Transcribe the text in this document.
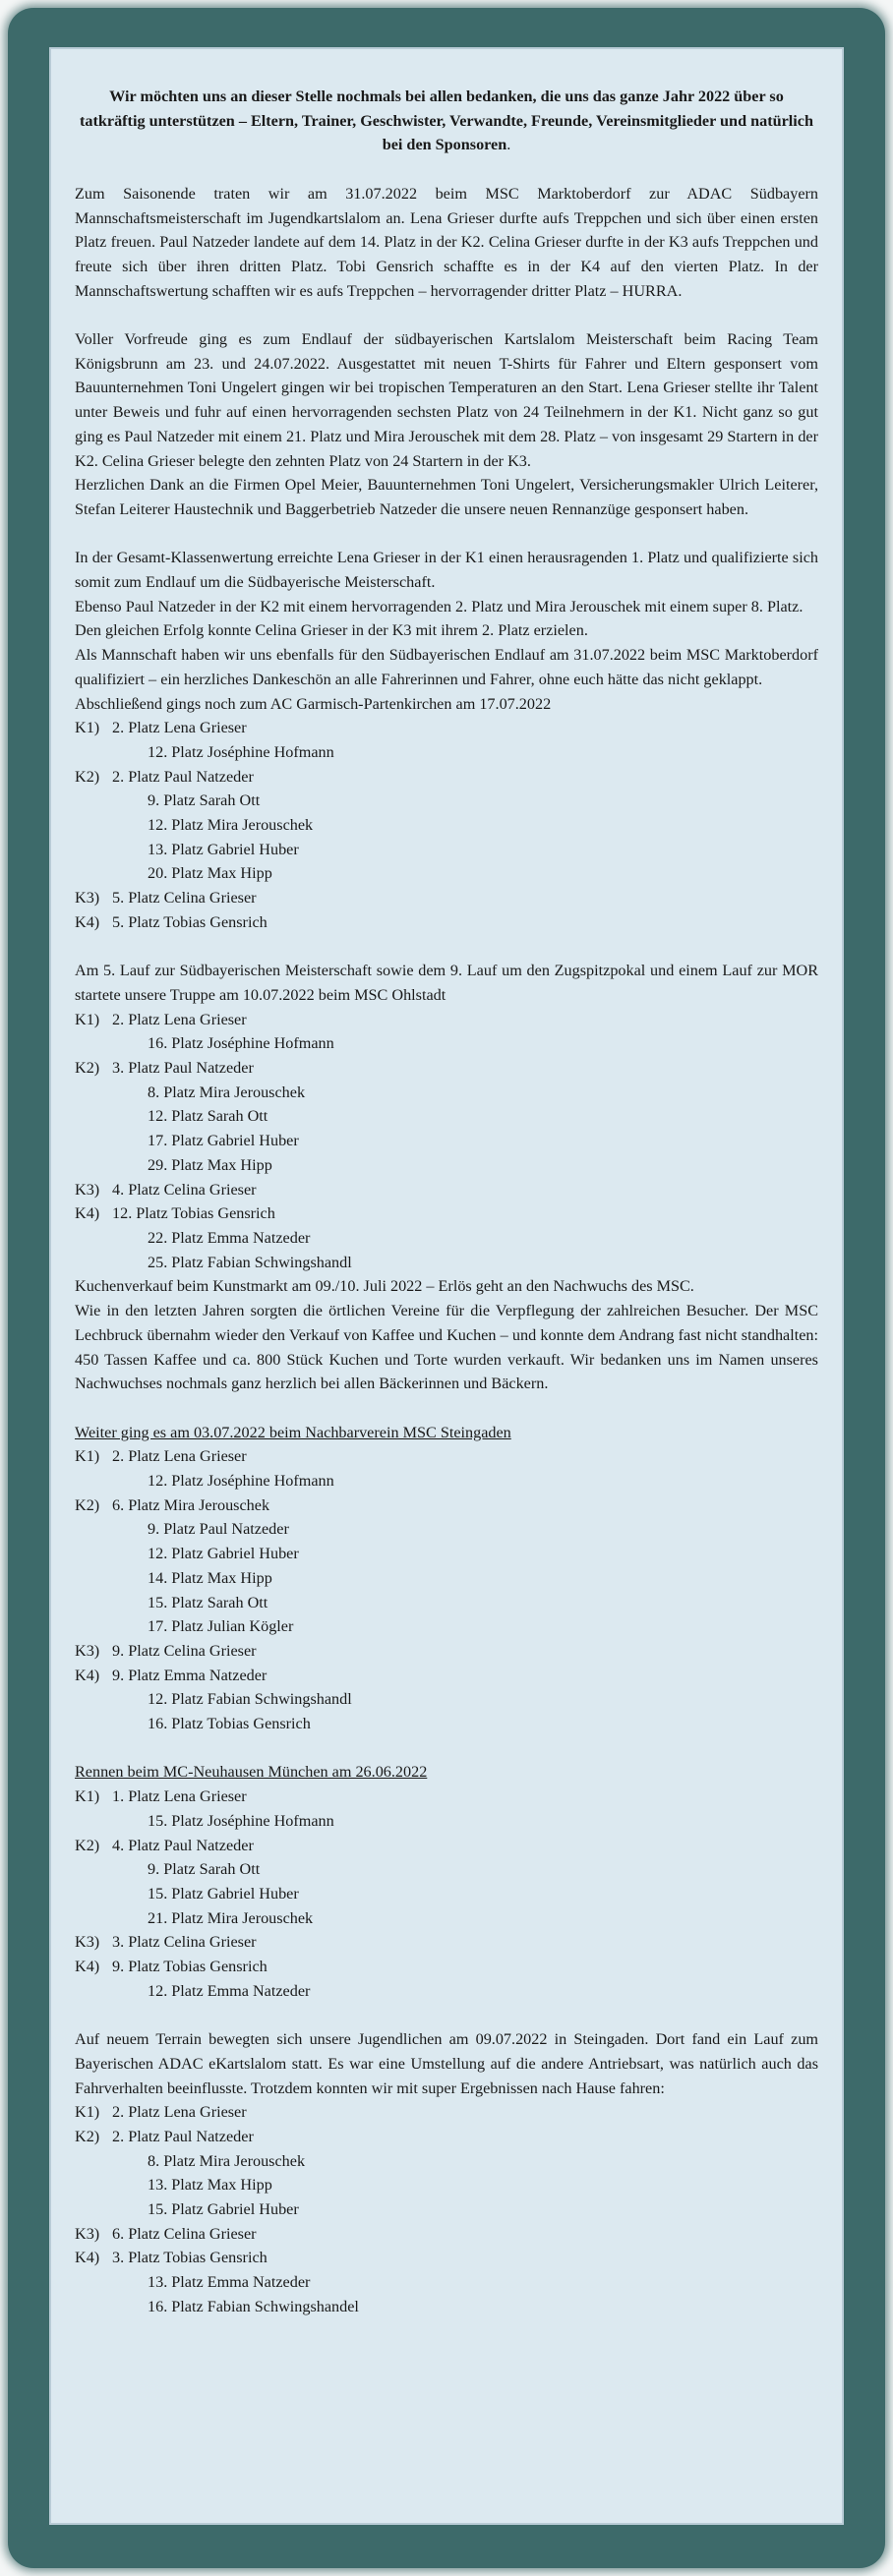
Wir möchten uns an dieser Stelle nochmals bei allen bedanken, die uns das ganze Jahr 2022 über so tatkräftig unterstützen – Eltern, Trainer, Geschwister, Verwandte, Freunde, Vereinsmitglieder und natürlich bei den Sponsoren.

Zum Saisonende traten wir am 31.07.2022 beim MSC Marktoberdorf zur ADAC Südbayern Mannschaftsmeisterschaft im Jugendkartslalom an. Lena Grieser durfte aufs Treppchen und sich über einen ersten Platz freuen. Paul Natzeder landete auf dem 14. Platz in der K2. Celina Grieser durfte in der K3 aufs Treppchen und freute sich über ihren dritten Platz. Tobi Gensrich schaffte es in der K4 auf den vierten Platz. In der Mannschaftswertung schafften wir es aufs Treppchen – hervorragender dritter Platz – HURRA.

Voller Vorfreude ging es zum Endlauf der südbayerischen Kartslalom Meisterschaft beim Racing Team Königsbrunn am 23. und 24.07.2022. Ausgestattet mit neuen T-Shirts für Fahrer und Eltern gesponsert vom Bauunternehmen Toni Ungelert gingen wir bei tropischen Temperaturen an den Start. Lena Grieser stellte ihr Talent unter Beweis und fuhr auf einen hervorragenden sechsten Platz von 24 Teilnehmern in der K1. Nicht ganz so gut ging es Paul Natzeder mit einem 21. Platz und Mira Jerouschek mit dem 28. Platz – von insgesamt 29 Startern in der K2. Celina Grieser belegte den zehnten Platz von 24 Startern in der K3.

Herzlichen Dank an die Firmen Opel Meier, Bauunternehmen Toni Ungelert, Versicherungsmakler Ulrich Leiterer, Stefan Leiterer Haustechnik und Baggerbetrieb Natzeder die unsere neuen Rennanzüge gesponsert haben.

In der Gesamt-Klassenwertung erreichte Lena Grieser in der K1 einen herausragenden 1. Platz und qualifizierte sich somit zum Endlauf um die Südbayerische Meisterschaft.

Ebenso Paul Natzeder in der K2 mit einem hervorragenden 2. Platz und Mira Jerouschek mit einem super 8. Platz.

Den gleichen Erfolg konnte Celina Grieser in der K3 mit ihrem 2. Platz erzielen.

Als Mannschaft haben wir uns ebenfalls für den Südbayerischen Endlauf am 31.07.2022 beim MSC Marktoberdorf qualifiziert – ein herzliches Dankeschön an alle Fahrerinnen und Fahrer, ohne euch hätte das nicht geklappt.

Abschließend gings noch zum AC Garmisch-Partenkirchen am 17.07.2022

K1) 2. Platz Lena Grieser
12. Platz Joséphine Hofmann
K2) 2. Platz Paul Natzeder
9. Platz Sarah Ott
12. Platz Mira Jerouschek
13. Platz Gabriel Huber
20. Platz Max Hipp
K3) 5. Platz Celina Grieser
K4) 5. Platz Tobias Gensrich

Am 5. Lauf zur Südbayerischen Meisterschaft sowie dem 9. Lauf um den Zugspitzpokal und einem Lauf zur MOR startete unsere Truppe am 10.07.2022 beim MSC Ohlstadt

K1) 2. Platz Lena Grieser
16. Platz Joséphine Hofmann
K2) 3. Platz Paul Natzeder
8. Platz Mira Jerouschek
12. Platz Sarah Ott
17. Platz Gabriel Huber
29. Platz Max Hipp
K3) 4. Platz Celina Grieser
K4) 12. Platz Tobias Gensrich
22. Platz Emma Natzeder
25. Platz Fabian Schwingshandl

Kuchenverkauf beim Kunstmarkt am 09./10. Juli 2022 – Erlös geht an den Nachwuchs des MSC.

Wie in den letzten Jahren sorgten die örtlichen Vereine für die Verpflegung der zahlreichen Besucher. Der MSC Lechbruck übernahm wieder den Verkauf von Kaffee und Kuchen – und konnte dem Andrang fast nicht standhalten: 450 Tassen Kaffee und ca. 800 Stück Kuchen und Torte wurden verkauft. Wir bedanken uns im Namen unseres Nachwuchses nochmals ganz herzlich bei allen Bäckerinnen und Bäckern.

Weiter ging es am 03.07.2022 beim Nachbarverein MSC Steingaden

K1) 2. Platz Lena Grieser
12. Platz Joséphine Hofmann
K2) 6. Platz Mira Jerouschek
9. Platz Paul Natzeder
12. Platz Gabriel Huber
14. Platz Max Hipp
15. Platz Sarah Ott
17. Platz Julian Kögler
K3) 9. Platz Celina Grieser
K4) 9. Platz Emma Natzeder
12. Platz Fabian Schwingshandl
16. Platz Tobias Gensrich

Rennen beim MC-Neuhausen München am 26.06.2022

K1) 1. Platz Lena Grieser
15. Platz Joséphine Hofmann
K2) 4. Platz Paul Natzeder
9. Platz Sarah Ott
15. Platz Gabriel Huber
21. Platz Mira Jerouschek
K3) 3. Platz Celina Grieser
K4) 9. Platz Tobias Gensrich
12. Platz Emma Natzeder

Auf neuem Terrain bewegten sich unsere Jugendlichen am 09.07.2022 in Steingaden. Dort fand ein Lauf zum Bayerischen ADAC eKartslalom statt. Es war eine Umstellung auf die andere Antriebsart, was natürlich auch das Fahrverhalten beeinflusste. Trotzdem konnten wir mit super Ergebnissen nach Hause fahren:

K1) 2. Platz Lena Grieser
K2) 2. Platz Paul Natzeder
8. Platz Mira Jerouschek
13. Platz Max Hipp
15. Platz Gabriel Huber
K3) 6. Platz Celina Grieser
K4) 3. Platz Tobias Gensrich
13. Platz Emma Natzeder
16. Platz Fabian Schwingshandel
